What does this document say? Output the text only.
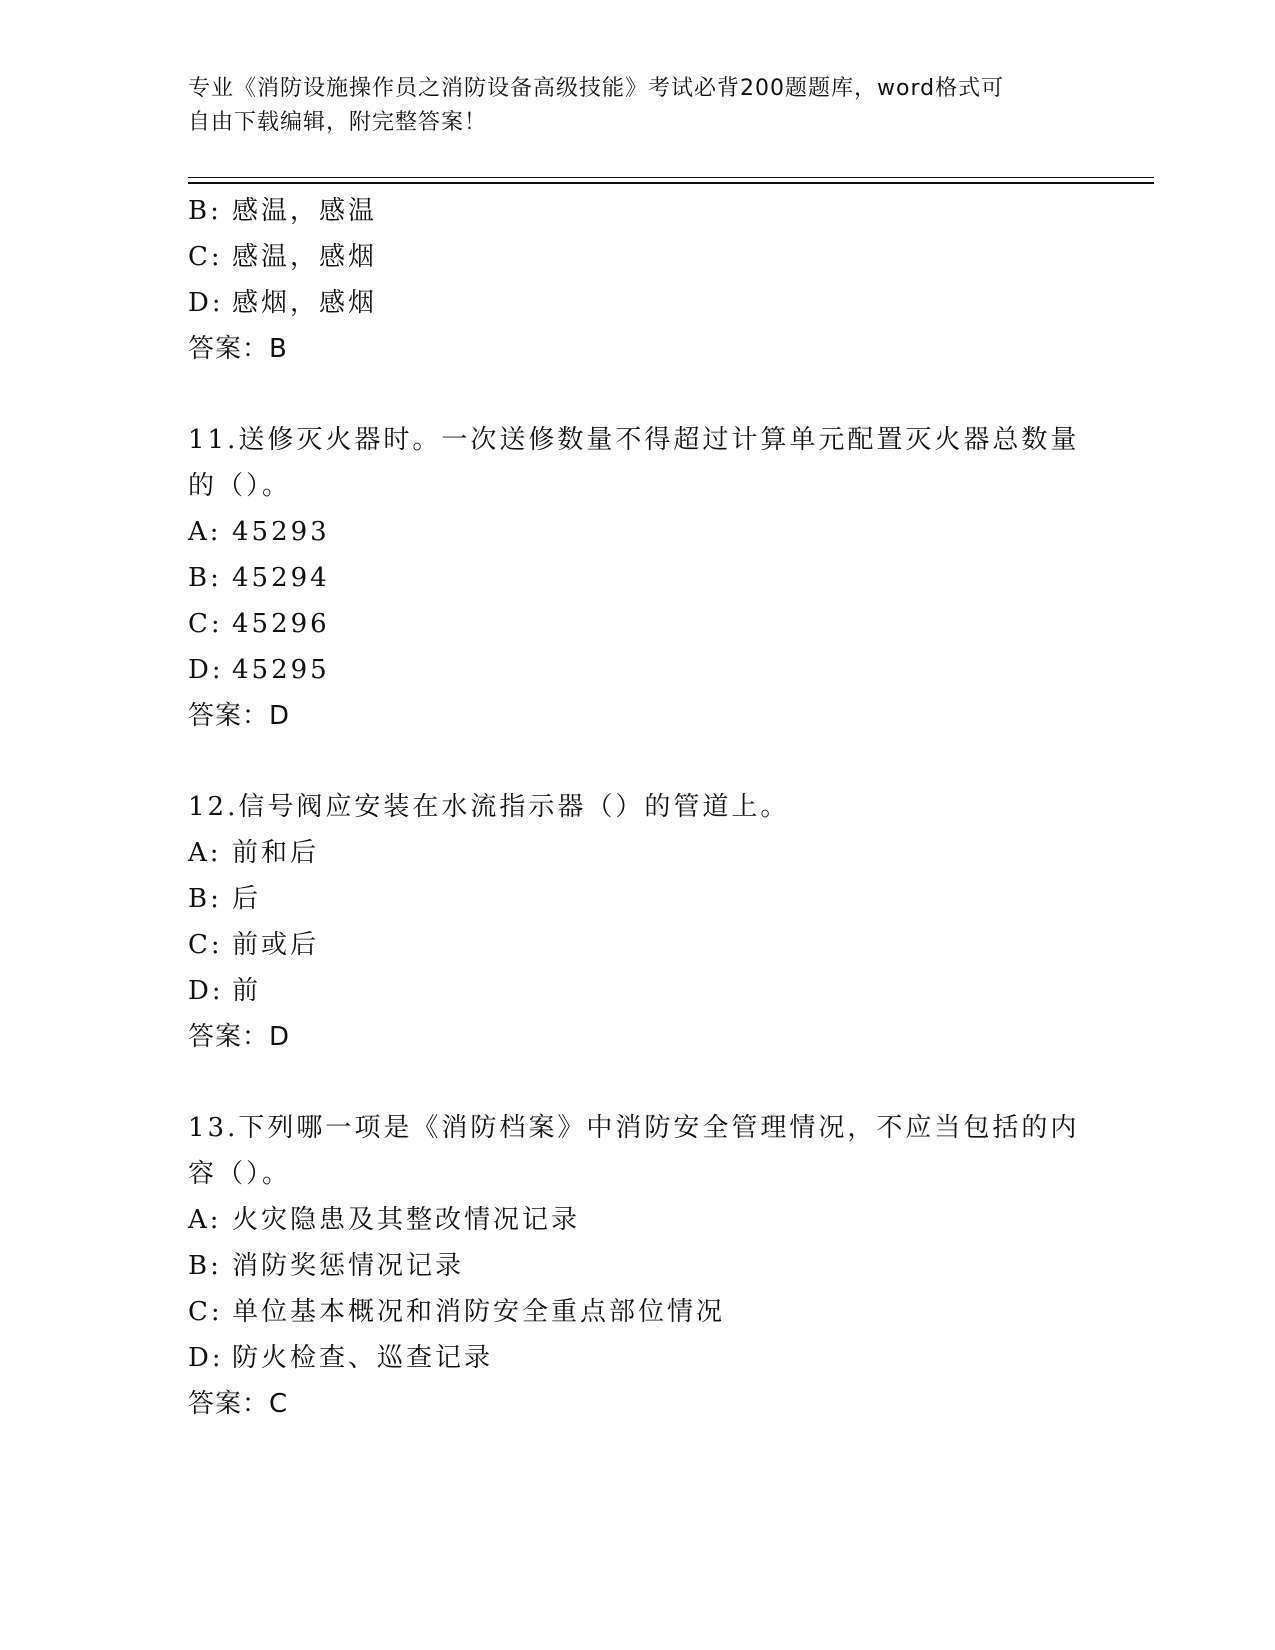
专业《消防设施操作员之消防设备高级技能》考试必背200题题库，word格式可
自由下载编辑，附完整答案！
B: 感温，感温
C: 感温，感烟
D: 感烟，感烟
答案：B
11.送修灭火器时。一次送修数量不得超过计算单元配置灭火器总数量
的（）。
A: 45293
B: 45294
C: 45296
D: 45295
答案：D
12.信号阀应安装在水流指示器（）的管道上。
A: 前和后
B: 后
C: 前或后
D: 前
答案：D
13.下列哪一项是《消防档案》中消防安全管理情况，不应当包括的内
容（）。
A: 火灾隐患及其整改情况记录
B: 消防奖惩情况记录
C: 单位基本概况和消防安全重点部位情况
D: 防火检查、巡查记录
答案：C
